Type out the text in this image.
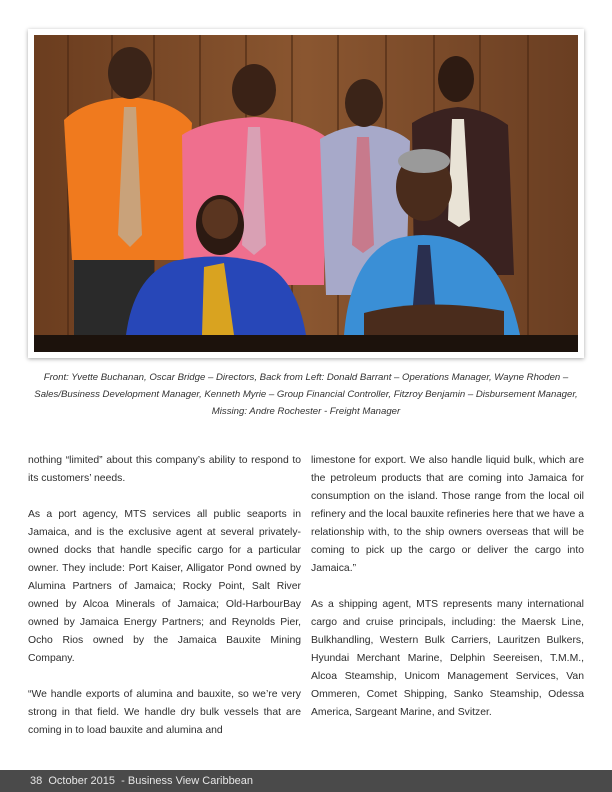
Front: Yvette Buchanan, Oscar Bridge – Directors, Back from Left: Donald Barrant – Operations Manager, Wayne Rhoden – Sales/Business Development Manager, Kenneth Myrie – Group Financial Controller, Fitzroy Benjamin – Disbursement Manager, Missing: Andre Rochester - Freight Manager

nothing “limited” about this company’s ability to respond to its customers’ needs.

As a port agency, MTS services all public seaports in Jamaica, and is the exclusive agent at several privately-owned docks that handle specific cargo for a particular owner. They include: Port Kaiser, Alligator Pond owned by Alumina Partners of Jamaica; Rocky Point, Salt River owned by Alcoa Minerals of Jamaica; Old-HarbourBay owned by Jamaica Energy Partners; and Reynolds Pier, Ocho Rios owned by the Jamaica Bauxite Mining Company.

“We handle exports of alumina and bauxite, so we’re very strong in that field. We handle dry bulk vessels that are coming in to load bauxite and alumina and

limestone for export. We also handle liquid bulk, which are the petroleum products that are coming into Jamaica for consumption on the island. Those range from the local oil refinery and the local bauxite refineries here that we have a relationship with, to the ship owners overseas that will be coming to pick up the cargo or deliver the cargo into Jamaica.”

As a shipping agent, MTS represents many international cargo and cruise principals, including: the Maersk Line, Bulkhandling, Western Bulk Carriers, Lauritzen Bulkers, Hyundai Merchant Marine, Delphin Seereisen, T.M.M., Alcoa Steamship, Unicom Management Services, Van Ommeren, Comet Shipping, Sanko Steamship, Odessa America, Sargeant Marine, and Svitzer.

38 October 2015 - Business View Caribbean
